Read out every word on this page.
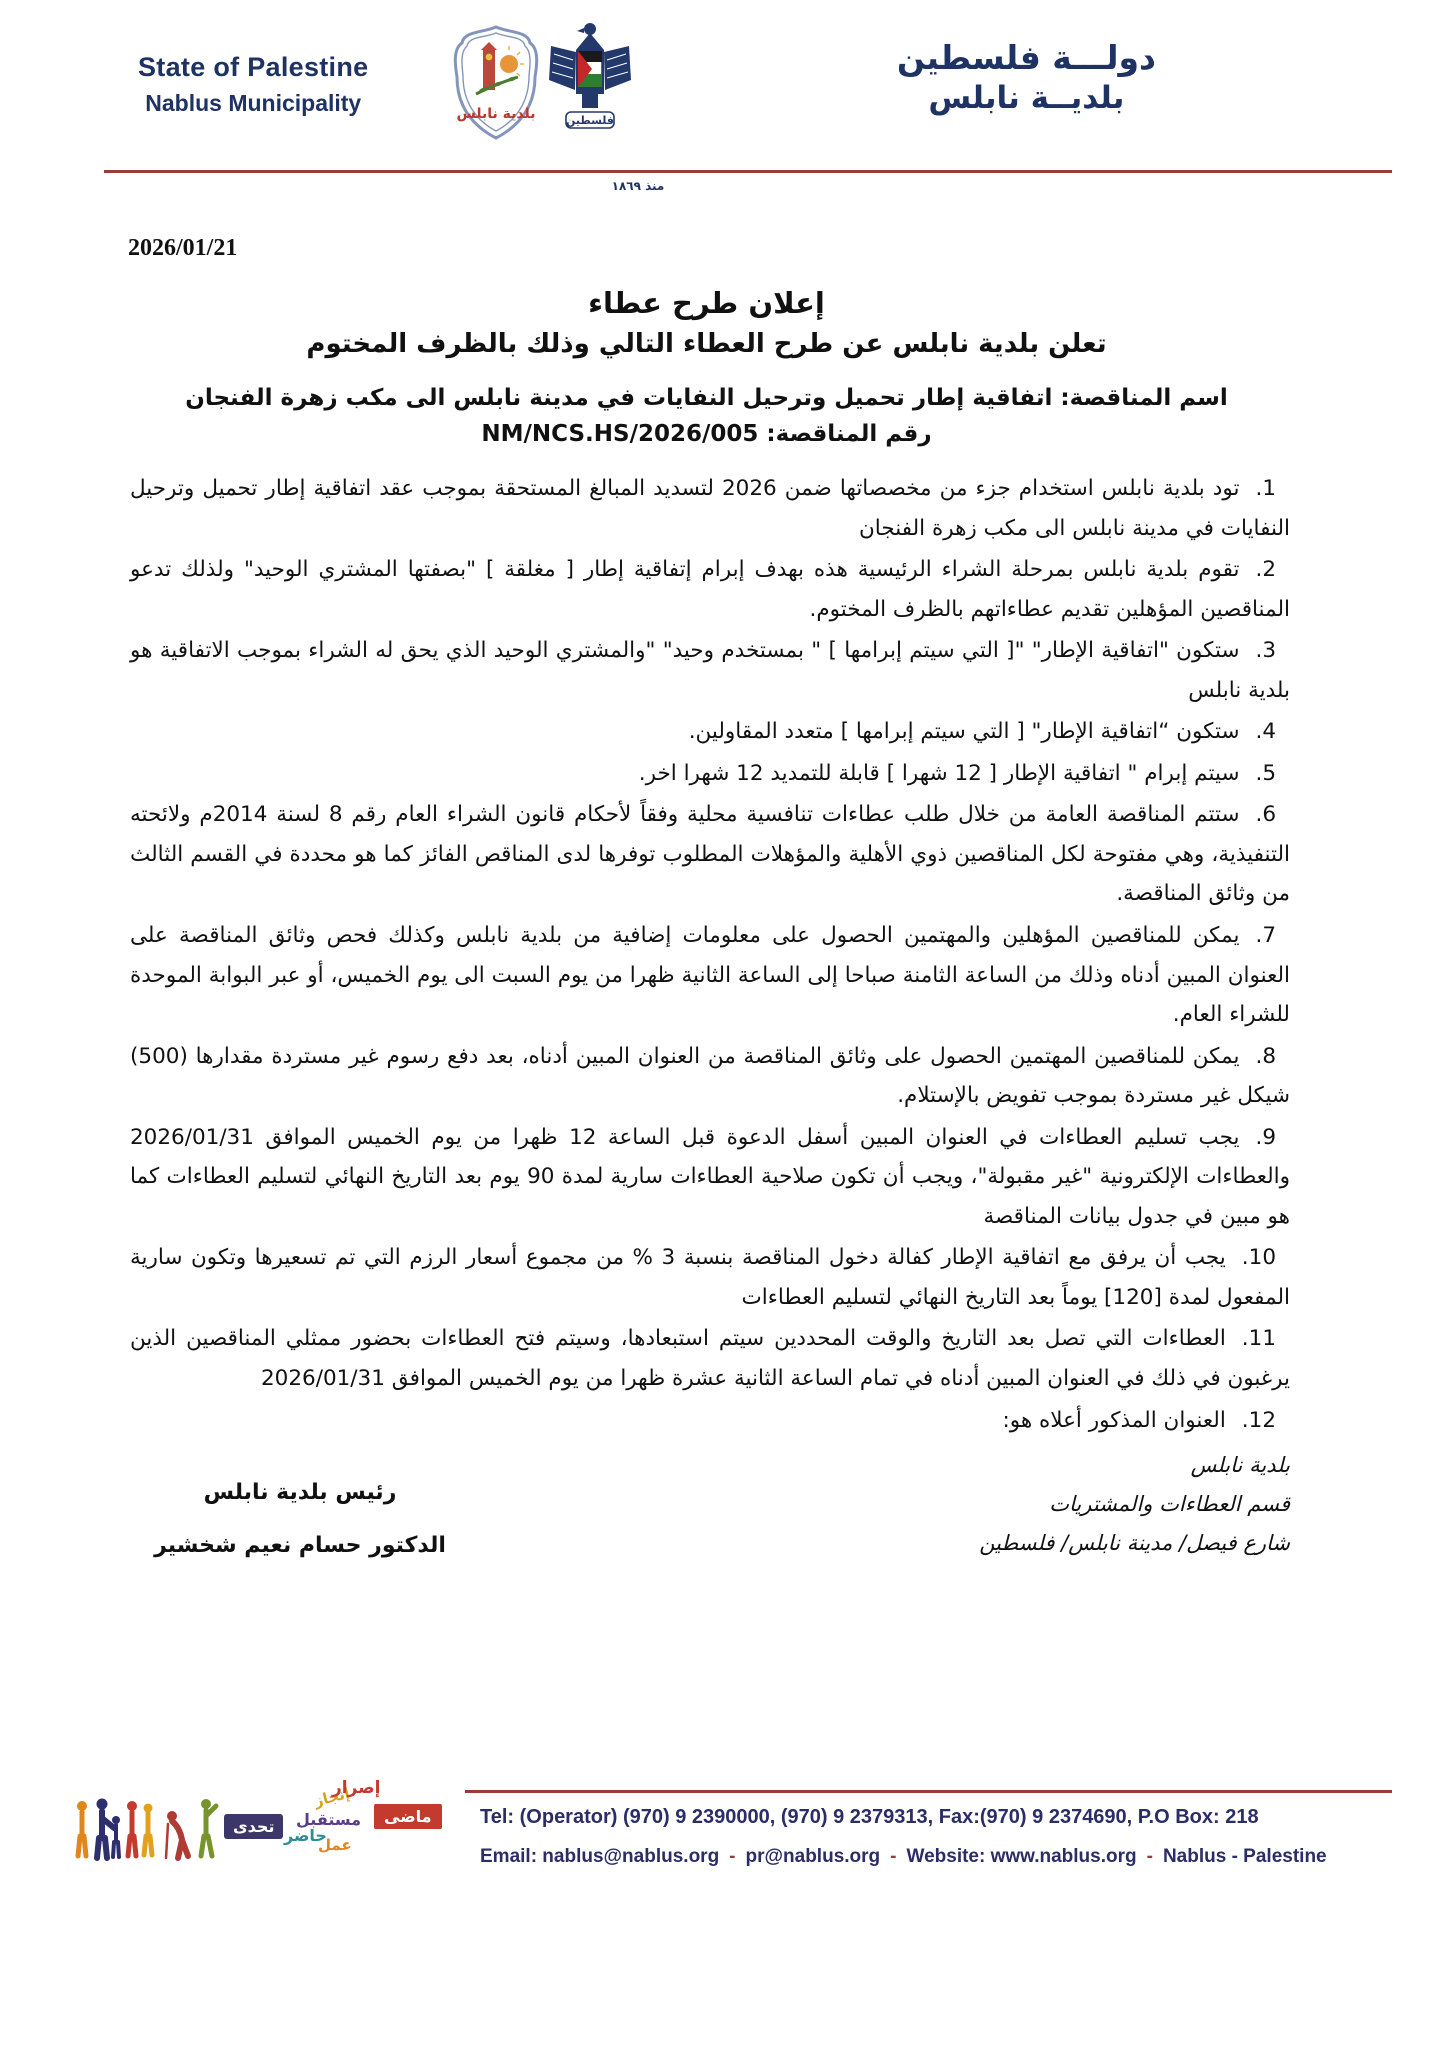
State of Palestine
Nablus Municipality	بلدية نابلس	فلسطين
دولـــة فلسطين
بلديــة نابلس
منذ ١٨٦٩
2026/01/21
إعلان طرح عطاء
تعلن بلدية نابلس عن طرح العطاء التالي وذلك بالظرف المختوم
اسم المناقصة: اتفاقية إطار تحميل وترحيل النفايات في مدينة نابلس الى مكب زهرة الفنجان
رقم المناقصة: NM/NCS.HS/2026/005
1.تود بلدية نابلس استخدام جزء من مخصصاتها ضمن 2026 لتسديد المبالغ المستحقة بموجب عقد اتفاقية إطار تحميل وترحيل النفايات في مدينة نابلس الى مكب زهرة الفنجان
2.تقوم بلدية نابلس بمرحلة الشراء الرئيسية هذه بهدف إبرام إتفاقية إطار [ مغلقة ] "بصفتها المشتري الوحيد" ولذلك تدعو المناقصين المؤهلين تقديم عطاءاتهم بالظرف المختوم.
3.ستكون "اتفاقية الإطار" "[ التي سيتم إبرامها ] " بمستخدم وحيد" "والمشتري الوحيد الذي يحق له الشراء بموجب الاتفاقية هو بلدية نابلس
4.ستكون “اتفاقية الإطار" [ التي سيتم إبرامها ] متعدد المقاولين.
5.سيتم إبرام " اتفاقية الإطار [ 12 شهرا ] قابلة للتمديد 12 شهرا اخر.
6.ستتم المناقصة العامة من خلال طلب عطاءات تنافسية محلية وفقاً لأحكام قانون الشراء العام رقم 8 لسنة 2014م ولائحته التنفيذية، وهي مفتوحة لكل المناقصين ذوي الأهلية والمؤهلات المطلوب توفرها لدى المناقص الفائز كما هو محددة في القسم الثالث من وثائق المناقصة.
7.يمكن للمناقصين المؤهلين والمهتمين الحصول على معلومات إضافية من بلدية نابلس وكذلك فحص وثائق المناقصة على العنوان المبين أدناه وذلك من الساعة الثامنة صباحا إلى الساعة الثانية ظهرا من يوم السبت الى يوم الخميس، أو عبر البوابة الموحدة للشراء العام.
8.يمكن للمناقصين المهتمين الحصول على وثائق المناقصة من العنوان المبين أدناه، بعد دفع رسوم غير مستردة مقدارها (500) شيكل غير مستردة بموجب تفويض بالإستلام.
9.يجب تسليم العطاءات في العنوان المبين أسفل الدعوة قبل الساعة 12 ظهرا من يوم الخميس الموافق 2026/01/31 والعطاءات الإلكترونية "غير مقبولة"، ويجب أن تكون صلاحية العطاءات سارية لمدة 90 يوم بعد التاريخ النهائي لتسليم العطاءات كما هو مبين في جدول بيانات المناقصة
10.يجب أن يرفق مع اتفاقية الإطار كفالة دخول المناقصة بنسبة 3 % من مجموع أسعار الرزم التي تم تسعيرها وتكون سارية المفعول لمدة [120] يوماً بعد التاريخ النهائي لتسليم العطاءات
11.العطاءات التي تصل بعد التاريخ والوقت المحددين سيتم استبعادها، وسيتم فتح العطاءات بحضور ممثلي المناقصين الذين يرغبون في ذلك في العنوان المبين أدناه في تمام الساعة الثانية عشرة ظهرا من يوم الخميس الموافق 2026/01/31
12.العنوان المذكور أعلاه هو:
رئيس بلدية نابلس
الدكتور حسام نعيم شخشير
بلدية نابلس
قسم العطاءات والمشتريات
شارع فيصل/ مدينة نابلس/ فلسطين
تحدى حاضر
إنجاز
مستقبل
عمل
إصرار
ماضى	Tel: (Operator) (970) 9 2390000, (970) 9 2379313, Fax:(970) 9 2374690, P.O Box: 218
Email: nablus@nablus.org - pr@nablus.org - Website: www.nablus.org - Nablus - Palestine
